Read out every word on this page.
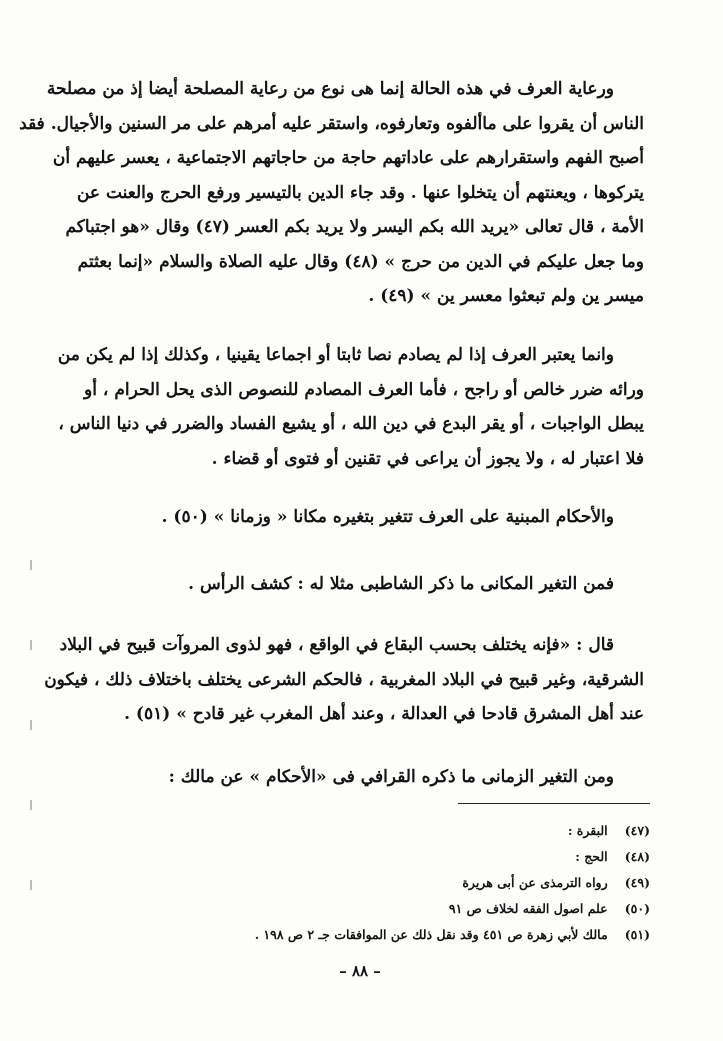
ورعاية العرف في هذه الحالة إنما هى نوع من رعاية المصلحة أيضا إذ من مصلحة
الناس أن يقروا على ماألفوه وتعارفوه، واستقر عليه أمرهم على مر السنين والأجيال. فقد
أصبح الفهم واستقرارهم على عاداتهم حاجة من حاجاتهم الاجتماعية ، يعسر عليهم أن
يتركوها ، ويعنتهم أن يتخلوا عنها . وقد جاء الدين بالتيسير ورفع الحرج والعنت عن
الأمة ، قال تعالى «يريد الله بكم اليسر ولا يريد بكم العسر (٤٧) وقال «هو اجتباكم
وما جعل عليكم في الدين من حرج » (٤٨) وقال عليه الصلاة والسلام «إنما بعثتم
ميسر ين ولم تبعثوا معسر ين » (٤٩) .
وانما يعتبر العرف إذا لم يصادم نصا ثابتا أو اجماعا يقينيا ، وكذلك إذا لم يكن من
ورائه ضرر خالص أو راجح ، فأما العرف المصادم للنصوص الذى يحل الحرام ، أو
يبطل الواجبات ، أو يقر البدع في دين الله ، أو يشيع الفساد والضرر في دنيا الناس ،
فلا اعتبار له ، ولا يجوز أن يراعى في تقنين أو فتوى أو قضاء .
والأحكام المبنية على العرف تتغير بتغيره مكانا « وزمانا » (٥٠) .
فمن التغير المكانى ما ذكر الشاطبى مثلا له : كشف الرأس .
قال : «فإنه يختلف بحسب البقاع في الواقع ، فهو لذوى المروآت قبيح في البلاد
الشرقية، وغير قبيح في البلاد المغربية ، فالحكم الشرعى يختلف باختلاف ذلك ، فيكون
عند أهل المشرق قادحا في العدالة ، وعند أهل المغرب غير قادح » (٥١) .
ومن التغير الزمانى ما ذكره القرافي فى «الأحكام » عن مالك :
(٤٧) البقرة :
(٤٨) الحج :
(٤٩) رواه الترمذى عن أبى هريرة
(٥٠) علم اصول الفقه لخلاف ص ٩١
(٥١) مالك لأبي زهرة ص ٤٥١ وقد نقل ذلك عن الموافقات جـ ٢ ص ١٩٨ .
– ٨٨ –
